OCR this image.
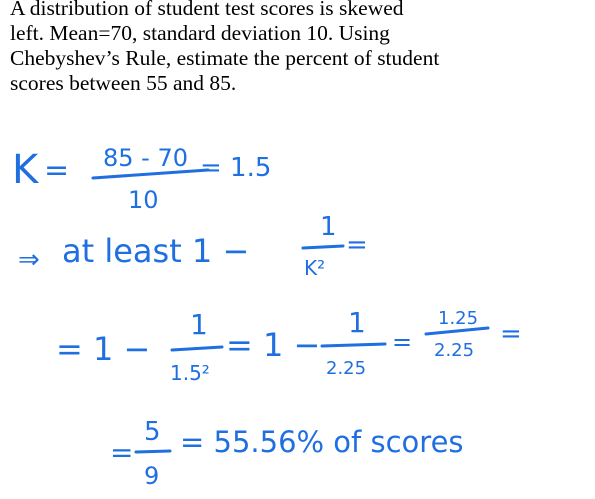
A distribution of student test scores is skewed
left. Mean=70, standard deviation 10. Using
Chebyshev’s Rule, estimate the percent of student
scores between 55 and 85.
K = 85 - 70
10
= 1.5
⇒ at least 1 −
1
K²
=
= 1 −
1
1.5²
= 1 −
1
2.25
=
1.25
2.25
=
=
5
9
= 55.56% of scores
